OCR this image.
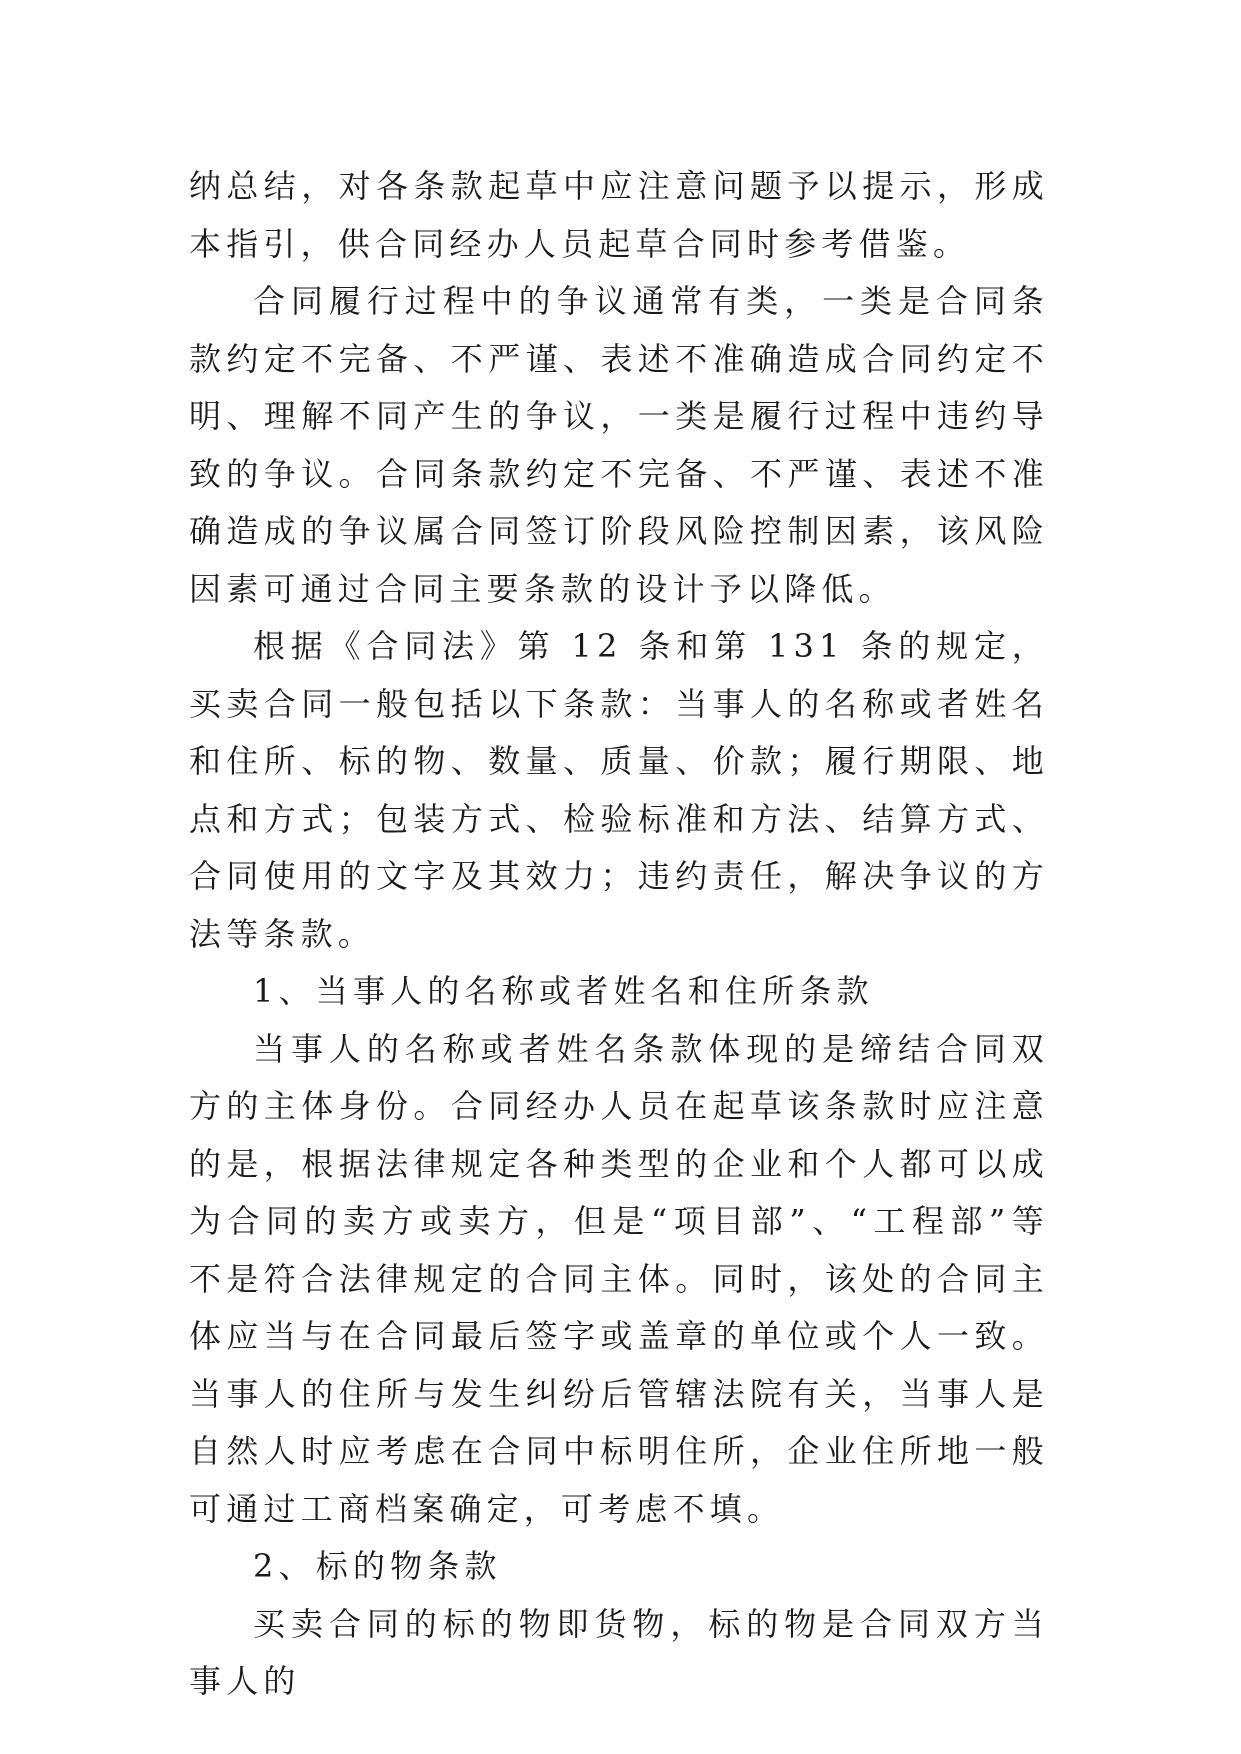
纳总结，对各条款起草中应注意问题予以提示，形成本指引，供合同经办人员起草合同时参考借鉴。

合同履行过程中的争议通常有类，一类是合同条款约定不完备、不严谨、表述不准确造成合同约定不明、理解不同产生的争议，一类是履行过程中违约导致的争议。合同条款约定不完备、不严谨、表述不准确造成的争议属合同签订阶段风险控制因素，该风险因素可通过合同主要条款的设计予以降低。

根据《合同法》第 12 条和第 131 条的规定，买卖合同一般包括以下条款：当事人的名称或者姓名和住所、标的物、数量、质量、价款；履行期限、地点和方式；包装方式、检验标准和方法、结算方式、合同使用的文字及其效力；违约责任，解决争议的方法等条款。

1、当事人的名称或者姓名和住所条款

当事人的名称或者姓名条款体现的是缔结合同双方的主体身份。合同经办人员在起草该条款时应注意的是，根据法律规定各种类型的企业和个人都可以成为合同的卖方或卖方，但是“项目部”、“工程部”等不是符合法律规定的合同主体。同时，该处的合同主体应当与在合同最后签字或盖章的单位或个人一致。当事人的住所与发生纠纷后管辖法院有关，当事人是自然人时应考虑在合同中标明住所，企业住所地一般可通过工商档案确定，可考虑不填。

2、标的物条款

买卖合同的标的物即货物，标的物是合同双方当事人的
